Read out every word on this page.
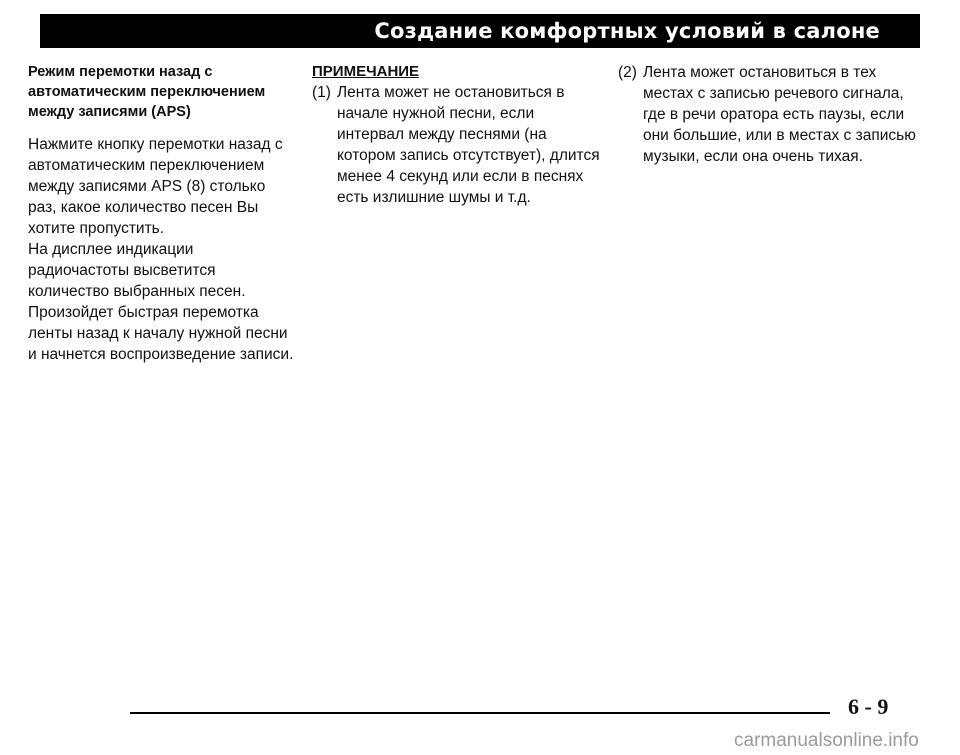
Создание комфортных условий в салоне

Режим перемотки назад с автоматическим переключением между записями (APS)

Нажмите кнопку перемотки назад с автоматическим переключением между записями APS (8) столько раз, какое количество песен Вы хотите пропустить.

На дисплее индикации радиочастоты высветится количество выбранных песен.

Произойдет быстрая перемотка ленты назад к началу нужной песни и начнется воспроизведение записи.

ПРИМЕЧАНИЕ

(1) Лента может не остановиться в начале нужной песни, если интервал между песнями (на котором запись отсутствует), длится менее 4 секунд или если в песнях есть излишние шумы и т.д.
(2) Лента может остановиться в тех местах с записью речевого сигнала, где в речи оратора есть паузы, если они большие, или в местах с записью музыки, если она очень тихая.
6 - 9
carmanualsonline.info
